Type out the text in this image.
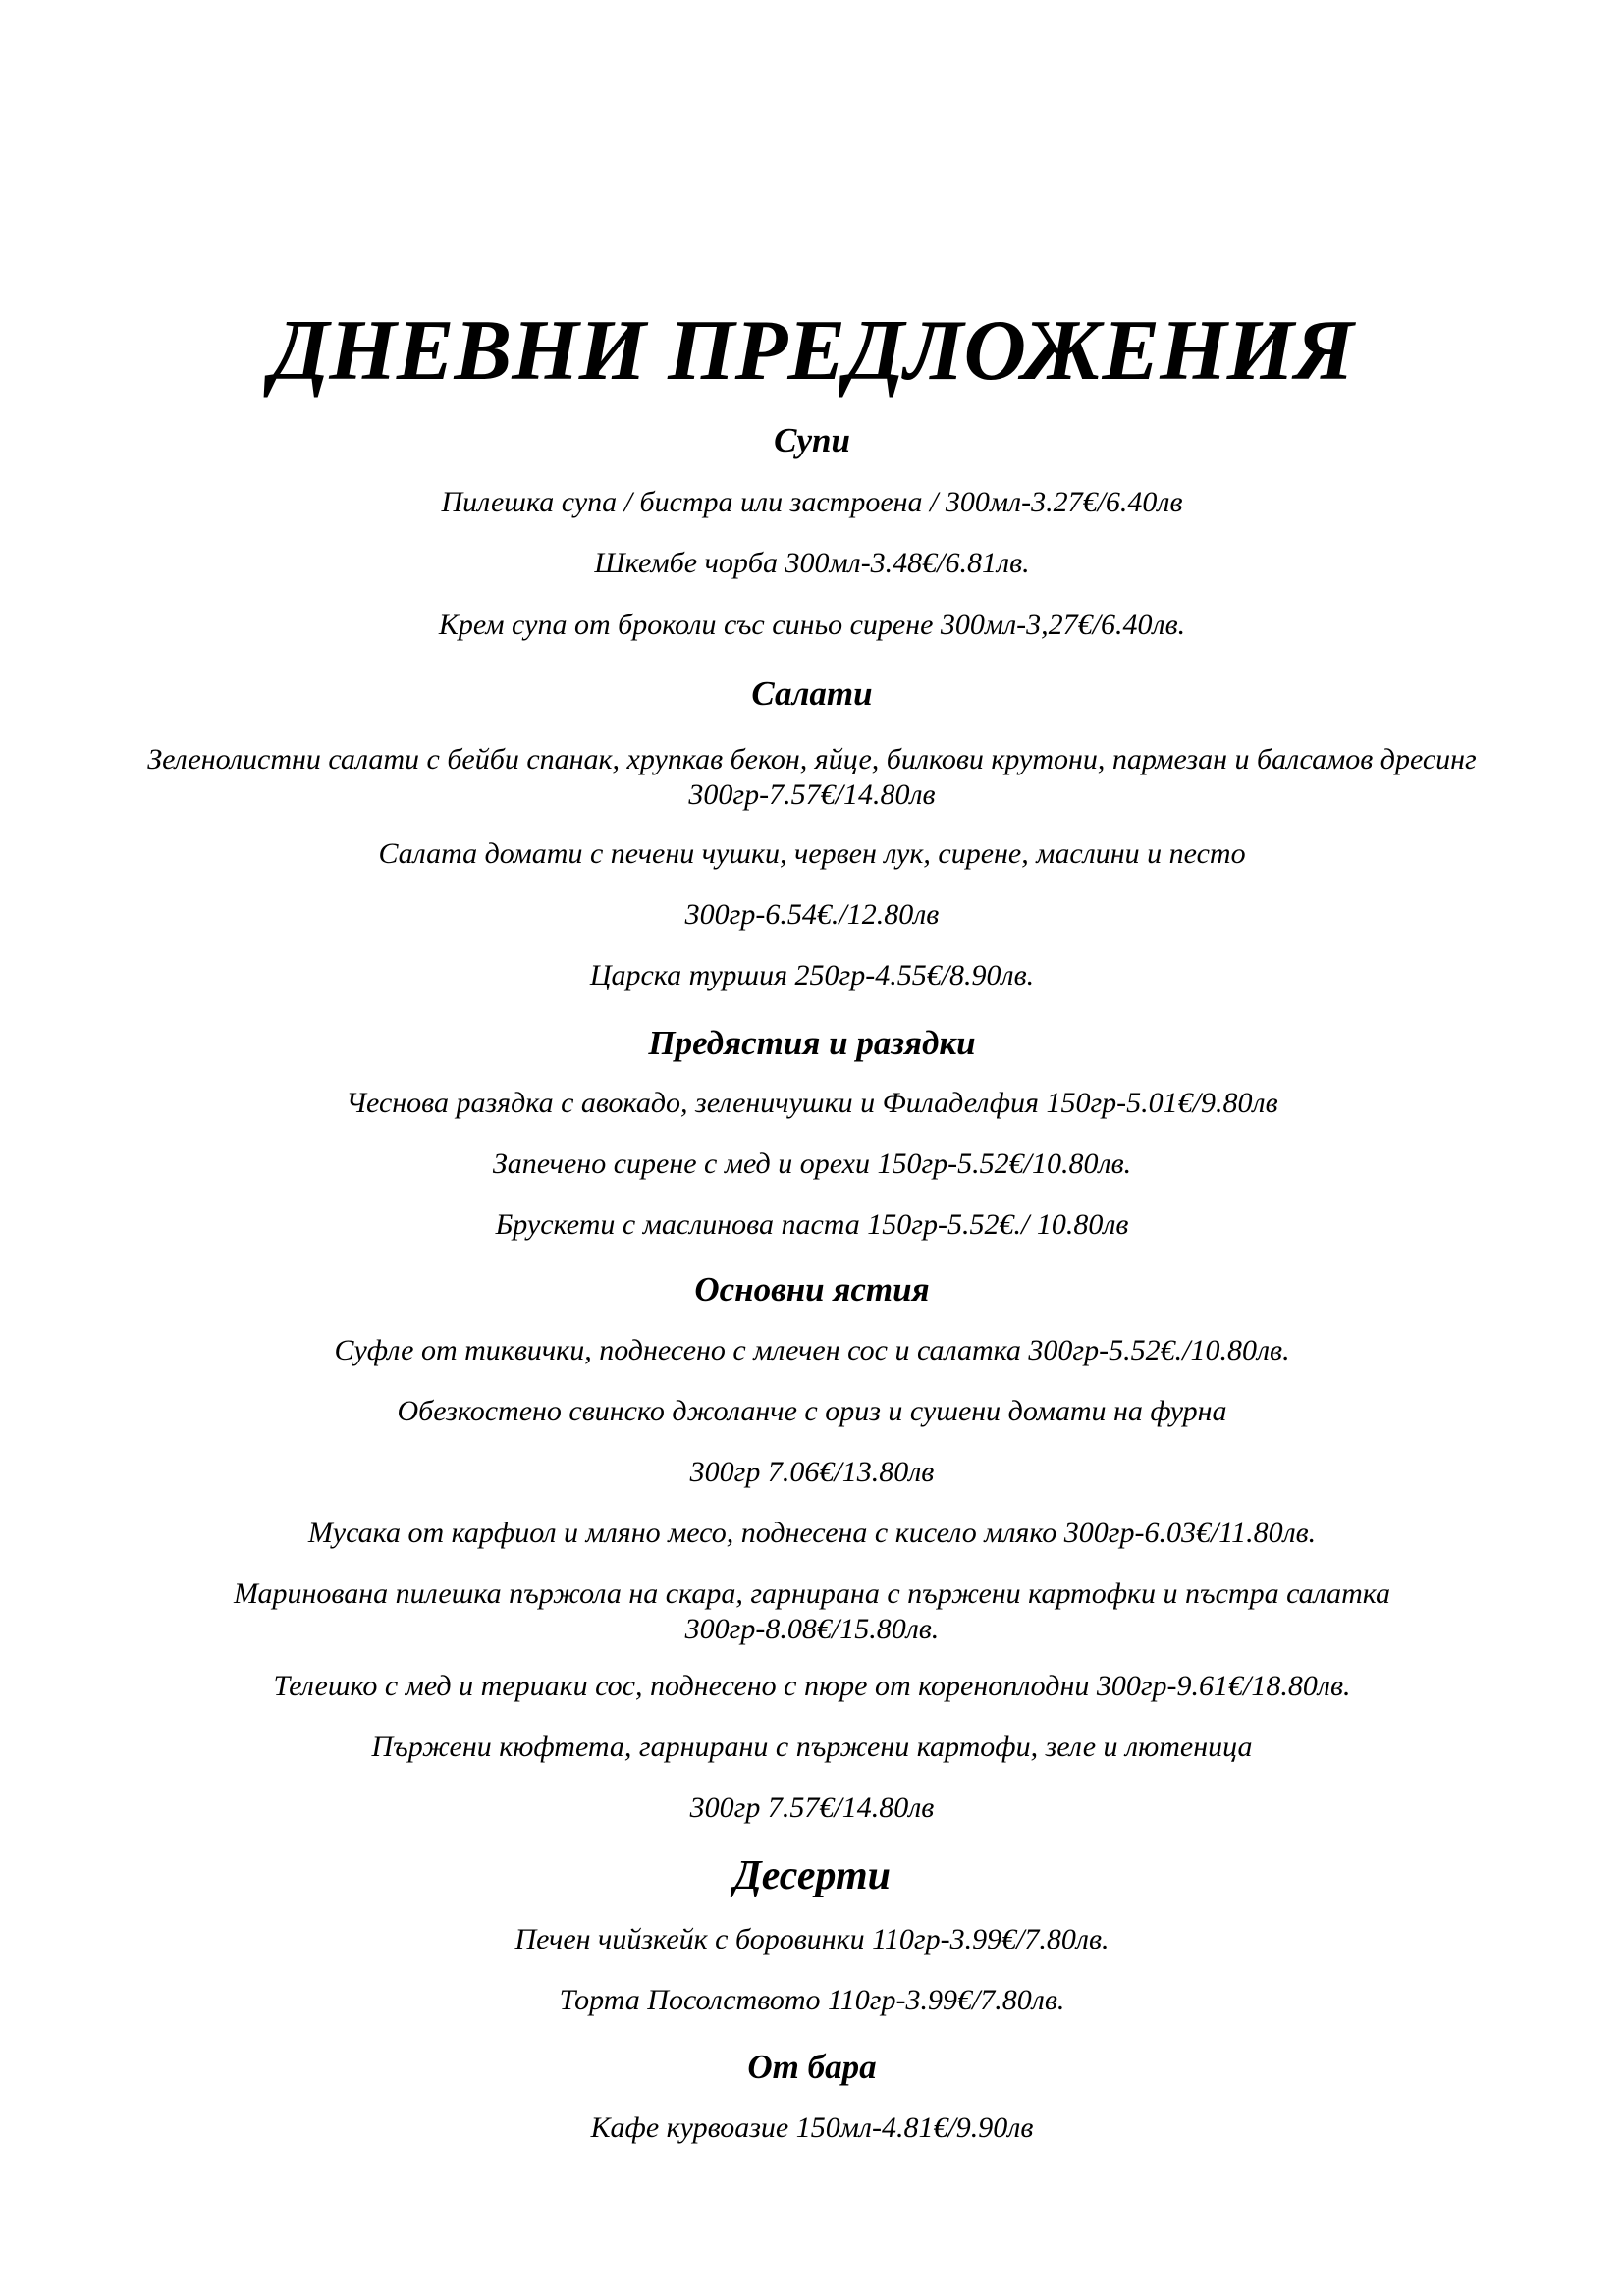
ДНЕВНИ ПРЕДЛОЖЕНИЯ
Супи

Пилешка супа / бистра или застроена / 300мл-3.27€/6.40лв

Шкембе чорба 300мл-3.48€/6.81лв.

Крем супа от броколи със синьо сирене 300мл-3,27€/6.40лв.

Салати

Зеленолистни салати с бейби спанак, хрупкав бекон, яйце, билкови крутони, пармезан и балсамов дресинг 300гр-7.57€/14.80лв

Салата домати с печени чушки, червен лук, сирене, маслини и песто

300гр-6.54€./12.80лв

Царска туршия 250гр-4.55€/8.90лв.

Предястия и разядки

Чеснова разядка с авокадо, зеленичушки и Филаделфия 150гр-5.01€/9.80лв

Запечено сирене с мед и орехи 150гр-5.52€/10.80лв.

Брускети с маслинова паста 150гр-5.52€./ 10.80лв

Основни ястия

Суфле от тиквички, поднесено с млечен сос и салатка 300гр-5.52€./10.80лв.

Обезкостено свинско джоланче с ориз и сушени домати на фурна

300гр 7.06€/13.80лв

Мусака от карфиол и мляно месо, поднесена с кисело мляко 300гр-6.03€/11.80лв.

Маринована пилешка пържола на скара, гарнирана с пържени картофки и пъстра салатка 300гр-8.08€/15.80лв.

Телешко с мед и териаки сос, поднесено с пюре от кореноплодни 300гр-9.61€/18.80лв.

Пържени кюфтета, гарнирани с пържени картофи, зеле и лютеница

300гр 7.57€/14.80лв

Десерти

Печен чийзкейк с боровинки 110гр-3.99€/7.80лв.

Торта Посолството 110гр-3.99€/7.80лв.

От бара

Кафе курвоазие 150мл-4.81€/9.90лв
